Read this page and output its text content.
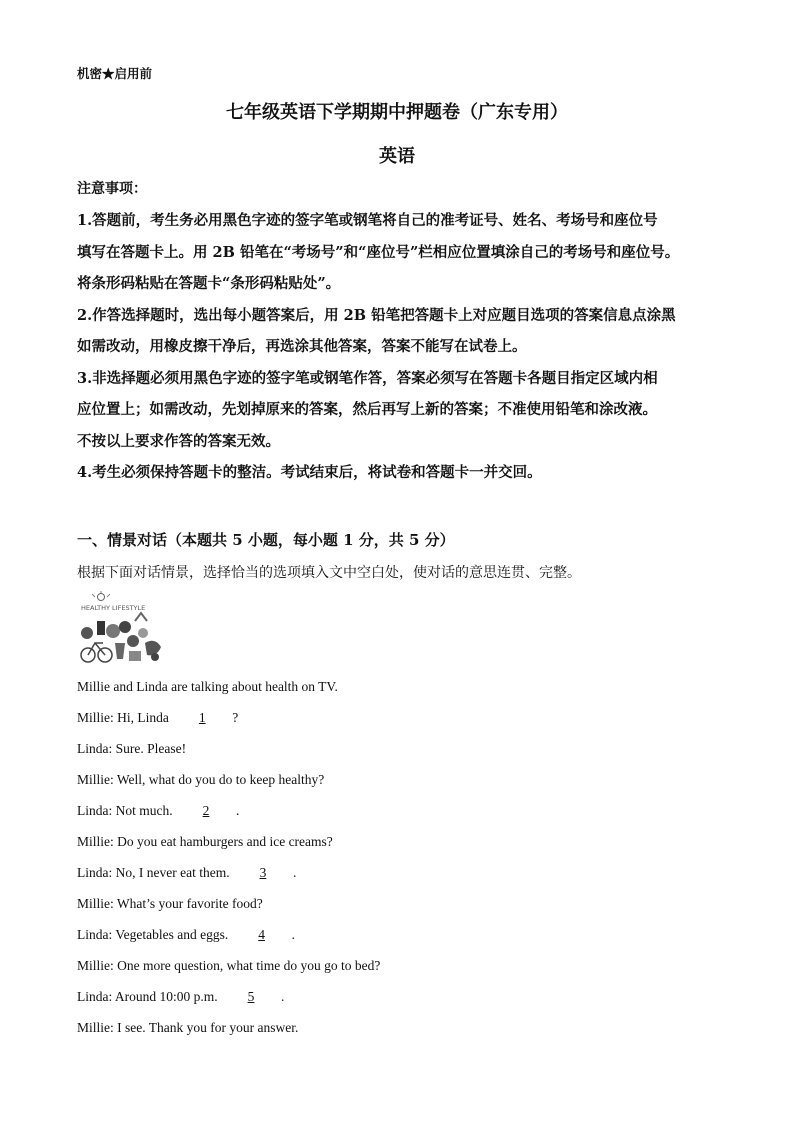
机密★启用前
七年级英语下学期期中押题卷（广东专用）
英语
注意事项：

1.答题前，考生务必用黑色字迹的签字笔或钢笔将自己的准考证号、姓名、考场号和座位号

填写在答题卡上。用 2B 铅笔在“考场号”和“座位号”栏相应位置填涂自己的考场号和座位号。

将条形码粘贴在答题卡“条形码粘贴处”。

2.作答选择题时，选出每小题答案后，用 2B 铅笔把答题卡上对应题目选项的答案信息点涂黑

如需改动，用橡皮擦干净后，再选涂其他答案，答案不能写在试卷上。

3.非选择题必须用黑色字迹的签字笔或钢笔作答，答案必须写在答题卡各题目指定区域内相

应位置上；如需改动，先划掉原来的答案，然后再写上新的答案；不准使用铅笔和涂改液。

不按以上要求作答的答案无效。

4.考生必须保持答题卡的整洁。考试结束后，将试卷和答题卡一并交回。

一、情景对话（本题共 5 小题，每小题 1 分，共 5 分）
根据下面对话情景，选择恰当的选项填入文中空白处，使对话的意思连贯、完整。
HEALTHY LIFESTYLE
Millie and Linda are talking about health on TV.
Millie: Hi, Linda 1 ?
Linda: Sure. Please!
Millie: Well, what do you do to keep healthy?
Linda: Not much. 2 .
Millie: Do you eat hamburgers and ice creams?
Linda: No, I never eat them. 3 .
Millie: What’s your favorite food?
Linda: Vegetables and eggs. 4 .
Millie: One more question, what time do you go to bed?
Linda: Around 10:00 p.m. 5 .
Millie: I see. Thank you for your answer.
